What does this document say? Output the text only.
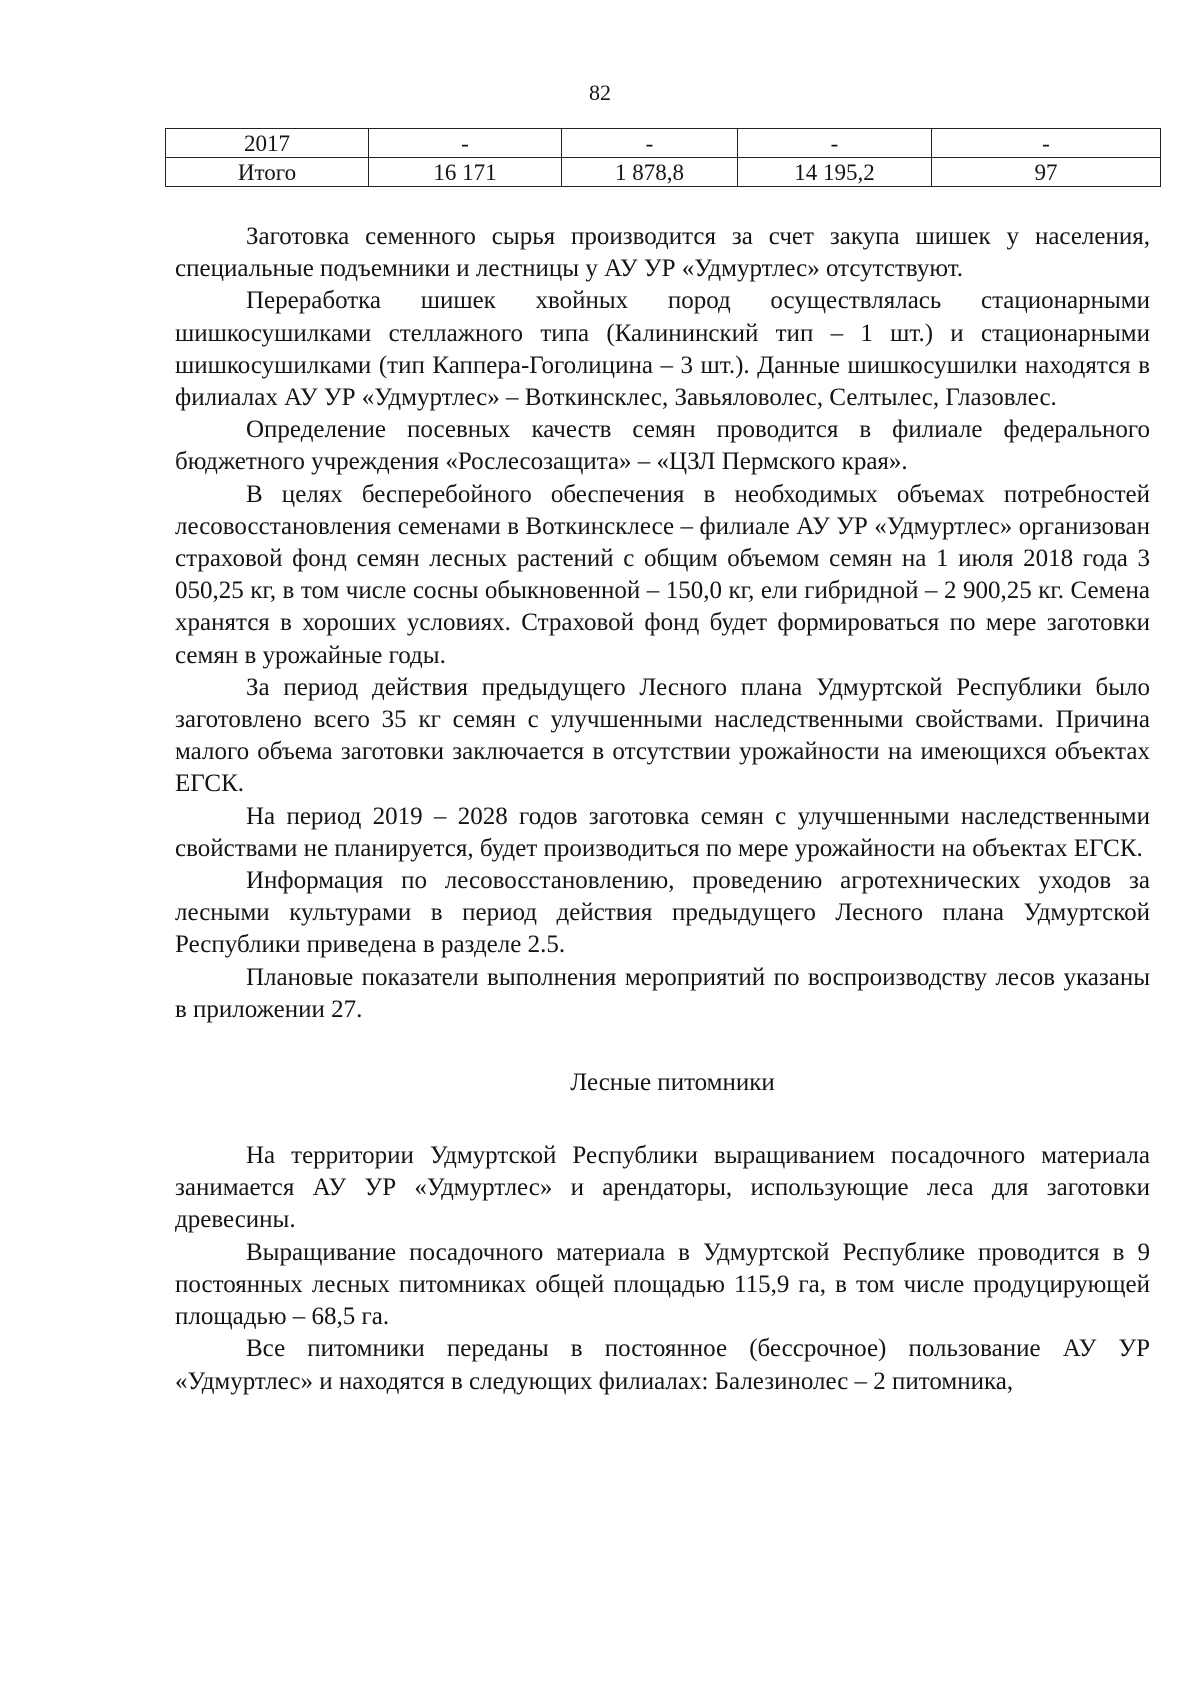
82
2017	-	-	-	-
Итого	16 171	1 878,8	14 195,2	97

Заготовка семенного сырья производится за счет закупа шишек у населения, специальные подъемники и лестницы у АУ УР «Удмуртлес» отсутствуют.

Переработка шишек хвойных пород осуществлялась стационарными шишкосушилками стеллажного типа (Калининский тип – 1 шт.) и стационарными шишкосушилками (тип Каппера-Гоголицина – 3 шт.). Данные шишкосушилки находятся в филиалах АУ УР «Удмуртлес» – Воткинсклес, Завьяловолес, Селтылес, Глазовлес.

Определение посевных качеств семян проводится в филиале федерального бюджетного учреждения «Рослесозащита» – «ЦЗЛ Пермского края».

В целях бесперебойного обеспечения в необходимых объемах потребностей лесовосстановления семенами в Воткинсклесе – филиале АУ УР «Удмуртлес» организован страховой фонд семян лесных растений с общим объемом семян на 1 июля 2018 года 3 050,25 кг, в том числе сосны обыкновенной – 150,0 кг, ели гибридной – 2 900,25 кг. Семена хранятся в хороших условиях. Страховой фонд будет формироваться по мере заготовки семян в урожайные годы.

За период действия предыдущего Лесного плана Удмуртской Республики было заготовлено всего 35 кг семян с улучшенными наследственными свойствами. Причина малого объема заготовки заключается в отсутствии урожайности на имеющихся объектах ЕГСК.

На период 2019 – 2028 годов заготовка семян с улучшенными наследственными свойствами не планируется, будет производиться по мере урожайности на объектах ЕГСК.

Информация по лесовосстановлению, проведению агротехнических уходов за лесными культурами в период действия предыдущего Лесного плана Удмуртской Республики приведена в разделе 2.5.

Плановые показатели выполнения мероприятий по воспроизводству лесов указаны в приложении 27.

Лесные питомники

На территории Удмуртской Республики выращиванием посадочного материала занимается АУ УР «Удмуртлес» и арендаторы, использующие леса для заготовки древесины.

Выращивание посадочного материала в Удмуртской Республике проводится в 9 постоянных лесных питомниках общей площадью 115,9 га, в том числе продуцирующей площадью – 68,5 га.

Все питомники переданы в постоянное (бессрочное) пользование АУ УР «Удмуртлес» и находятся в следующих филиалах: Балезинолес – 2 питомника,
